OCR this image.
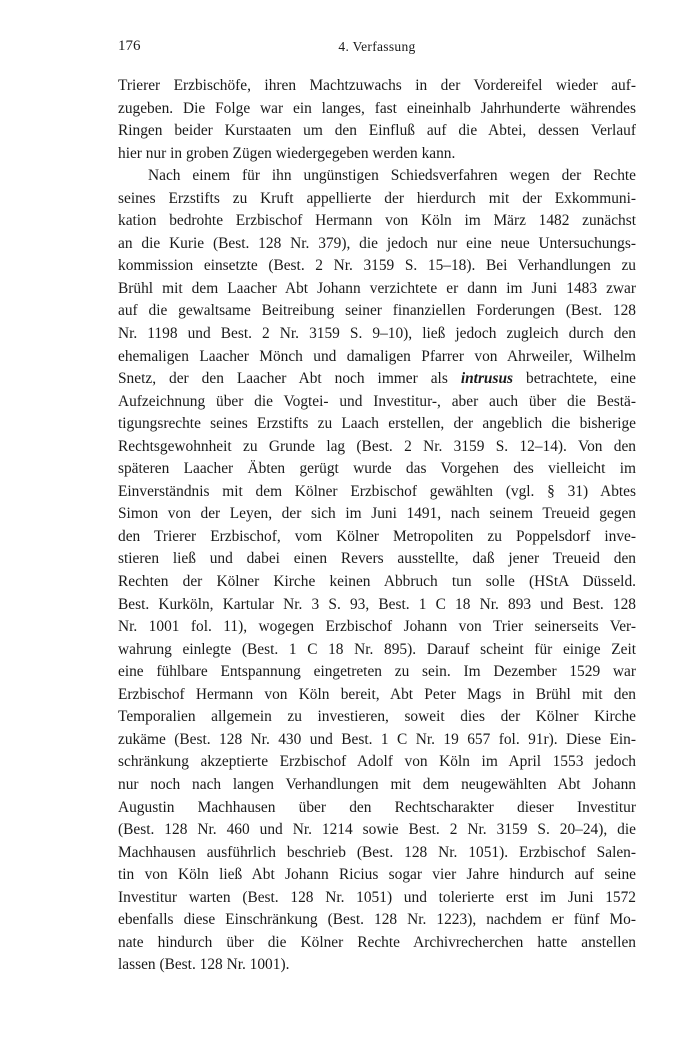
176	4. Verfassung
Trierer Erzbischöfe, ihren Machtzuwachs in der Vordereifel wieder auf-
zugeben. Die Folge war ein langes, fast eineinhalb Jahrhunderte währendes
Ringen beider Kurstaaten um den Einfluß auf die Abtei, dessen Verlauf
hier nur in groben Zügen wiedergegeben werden kann.
Nach einem für ihn ungünstigen Schiedsverfahren wegen der Rechte
seines Erzstifts zu Kruft appellierte der hierdurch mit der Exkommuni-
kation bedrohte Erzbischof Hermann von Köln im März 1482 zunächst
an die Kurie (Best. 128 Nr. 379), die jedoch nur eine neue Untersuchungs-
kommission einsetzte (Best. 2 Nr. 3159 S. 15–18). Bei Verhandlungen zu
Brühl mit dem Laacher Abt Johann verzichtete er dann im Juni 1483 zwar
auf die gewaltsame Beitreibung seiner finanziellen Forderungen (Best. 128
Nr. 1198 und Best. 2 Nr. 3159 S. 9–10), ließ jedoch zugleich durch den
ehemaligen Laacher Mönch und damaligen Pfarrer von Ahrweiler, Wilhelm
Snetz, der den Laacher Abt noch immer als intrusus betrachtete, eine
Aufzeichnung über die Vogtei- und Investitur-, aber auch über die Bestä-
tigungsrechte seines Erzstifts zu Laach erstellen, der angeblich die bisherige
Rechtsgewohnheit zu Grunde lag (Best. 2 Nr. 3159 S. 12–14). Von den
späteren Laacher Äbten gerügt wurde das Vorgehen des vielleicht im
Einverständnis mit dem Kölner Erzbischof gewählten (vgl. § 31) Abtes
Simon von der Leyen, der sich im Juni 1491, nach seinem Treueid gegen
den Trierer Erzbischof, vom Kölner Metropoliten zu Poppelsdorf inve-
stieren ließ und dabei einen Revers ausstellte, daß jener Treueid den
Rechten der Kölner Kirche keinen Abbruch tun solle (HStA Düsseld.
Best. Kurköln, Kartular Nr. 3 S. 93, Best. 1 C 18 Nr. 893 und Best. 128
Nr. 1001 fol. 11), wogegen Erzbischof Johann von Trier seinerseits Ver-
wahrung einlegte (Best. 1 C 18 Nr. 895). Darauf scheint für einige Zeit
eine fühlbare Entspannung eingetreten zu sein. Im Dezember 1529 war
Erzbischof Hermann von Köln bereit, Abt Peter Mags in Brühl mit den
Temporalien allgemein zu investieren, soweit dies der Kölner Kirche
zukäme (Best. 128 Nr. 430 und Best. 1 C Nr. 19 657 fol. 91r). Diese Ein-
schränkung akzeptierte Erzbischof Adolf von Köln im April 1553 jedoch
nur noch nach langen Verhandlungen mit dem neugewählten Abt Johann
Augustin Machhausen über den Rechtscharakter dieser Investitur
(Best. 128 Nr. 460 und Nr. 1214 sowie Best. 2 Nr. 3159 S. 20–24), die
Machhausen ausführlich beschrieb (Best. 128 Nr. 1051). Erzbischof Salen-
tin von Köln ließ Abt Johann Ricius sogar vier Jahre hindurch auf seine
Investitur warten (Best. 128 Nr. 1051) und tolerierte erst im Juni 1572
ebenfalls diese Einschränkung (Best. 128 Nr. 1223), nachdem er fünf Mo-
nate hindurch über die Kölner Rechte Archivrecherchen hatte anstellen
lassen (Best. 128 Nr. 1001).
